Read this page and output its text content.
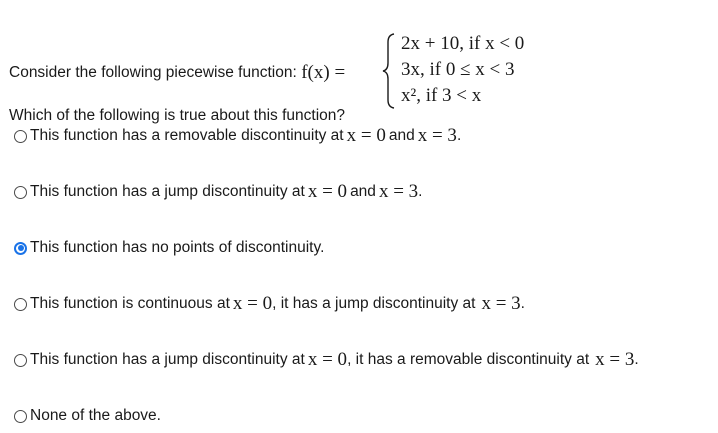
Consider the following piecewise function: f(x) =
2x + 10, if x < 0
3x, if 0 ≤ x < 3
x², if 3 < x
Which of the following is true about this function?
This function has a removable discontinuity at x = 0 and x = 3 .
This function has a jump discontinuity at x = 0 and x = 3 .
This function has no points of discontinuity.
This function is continuous at x = 0 , it has a jump discontinuity at x = 3 .
This function has a jump discontinuity at x = 0 , it has a removable discontinuity at x = 3 .
None of the above.
